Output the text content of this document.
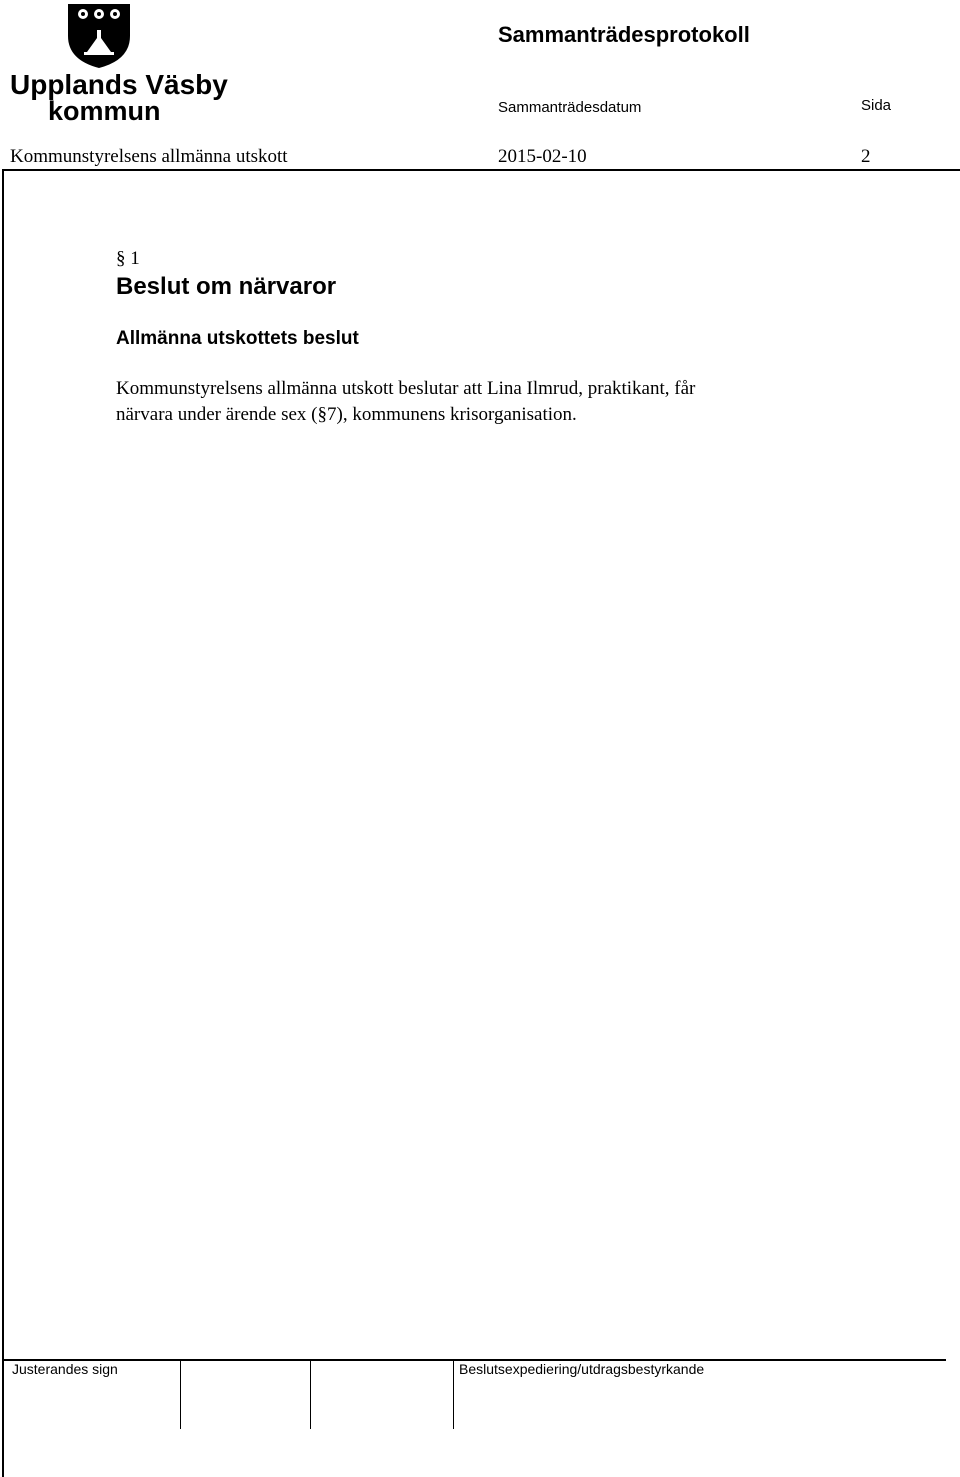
Upplands Väsby
kommun
Sammanträdesprotokoll
Sammanträdesdatum	Sida
Kommunstyrelsens allmänna utskott	2015-02-10	2
§ 1
Beslut om närvaror
Allmänna utskottets beslut
Kommunstyrelsens allmänna utskott beslutar att Lina Ilmrud, praktikant, får
närvara under ärende sex (§7), kommunens krisorganisation.
Justerandes sign	Beslutsexpediering/utdragsbestyrkande
